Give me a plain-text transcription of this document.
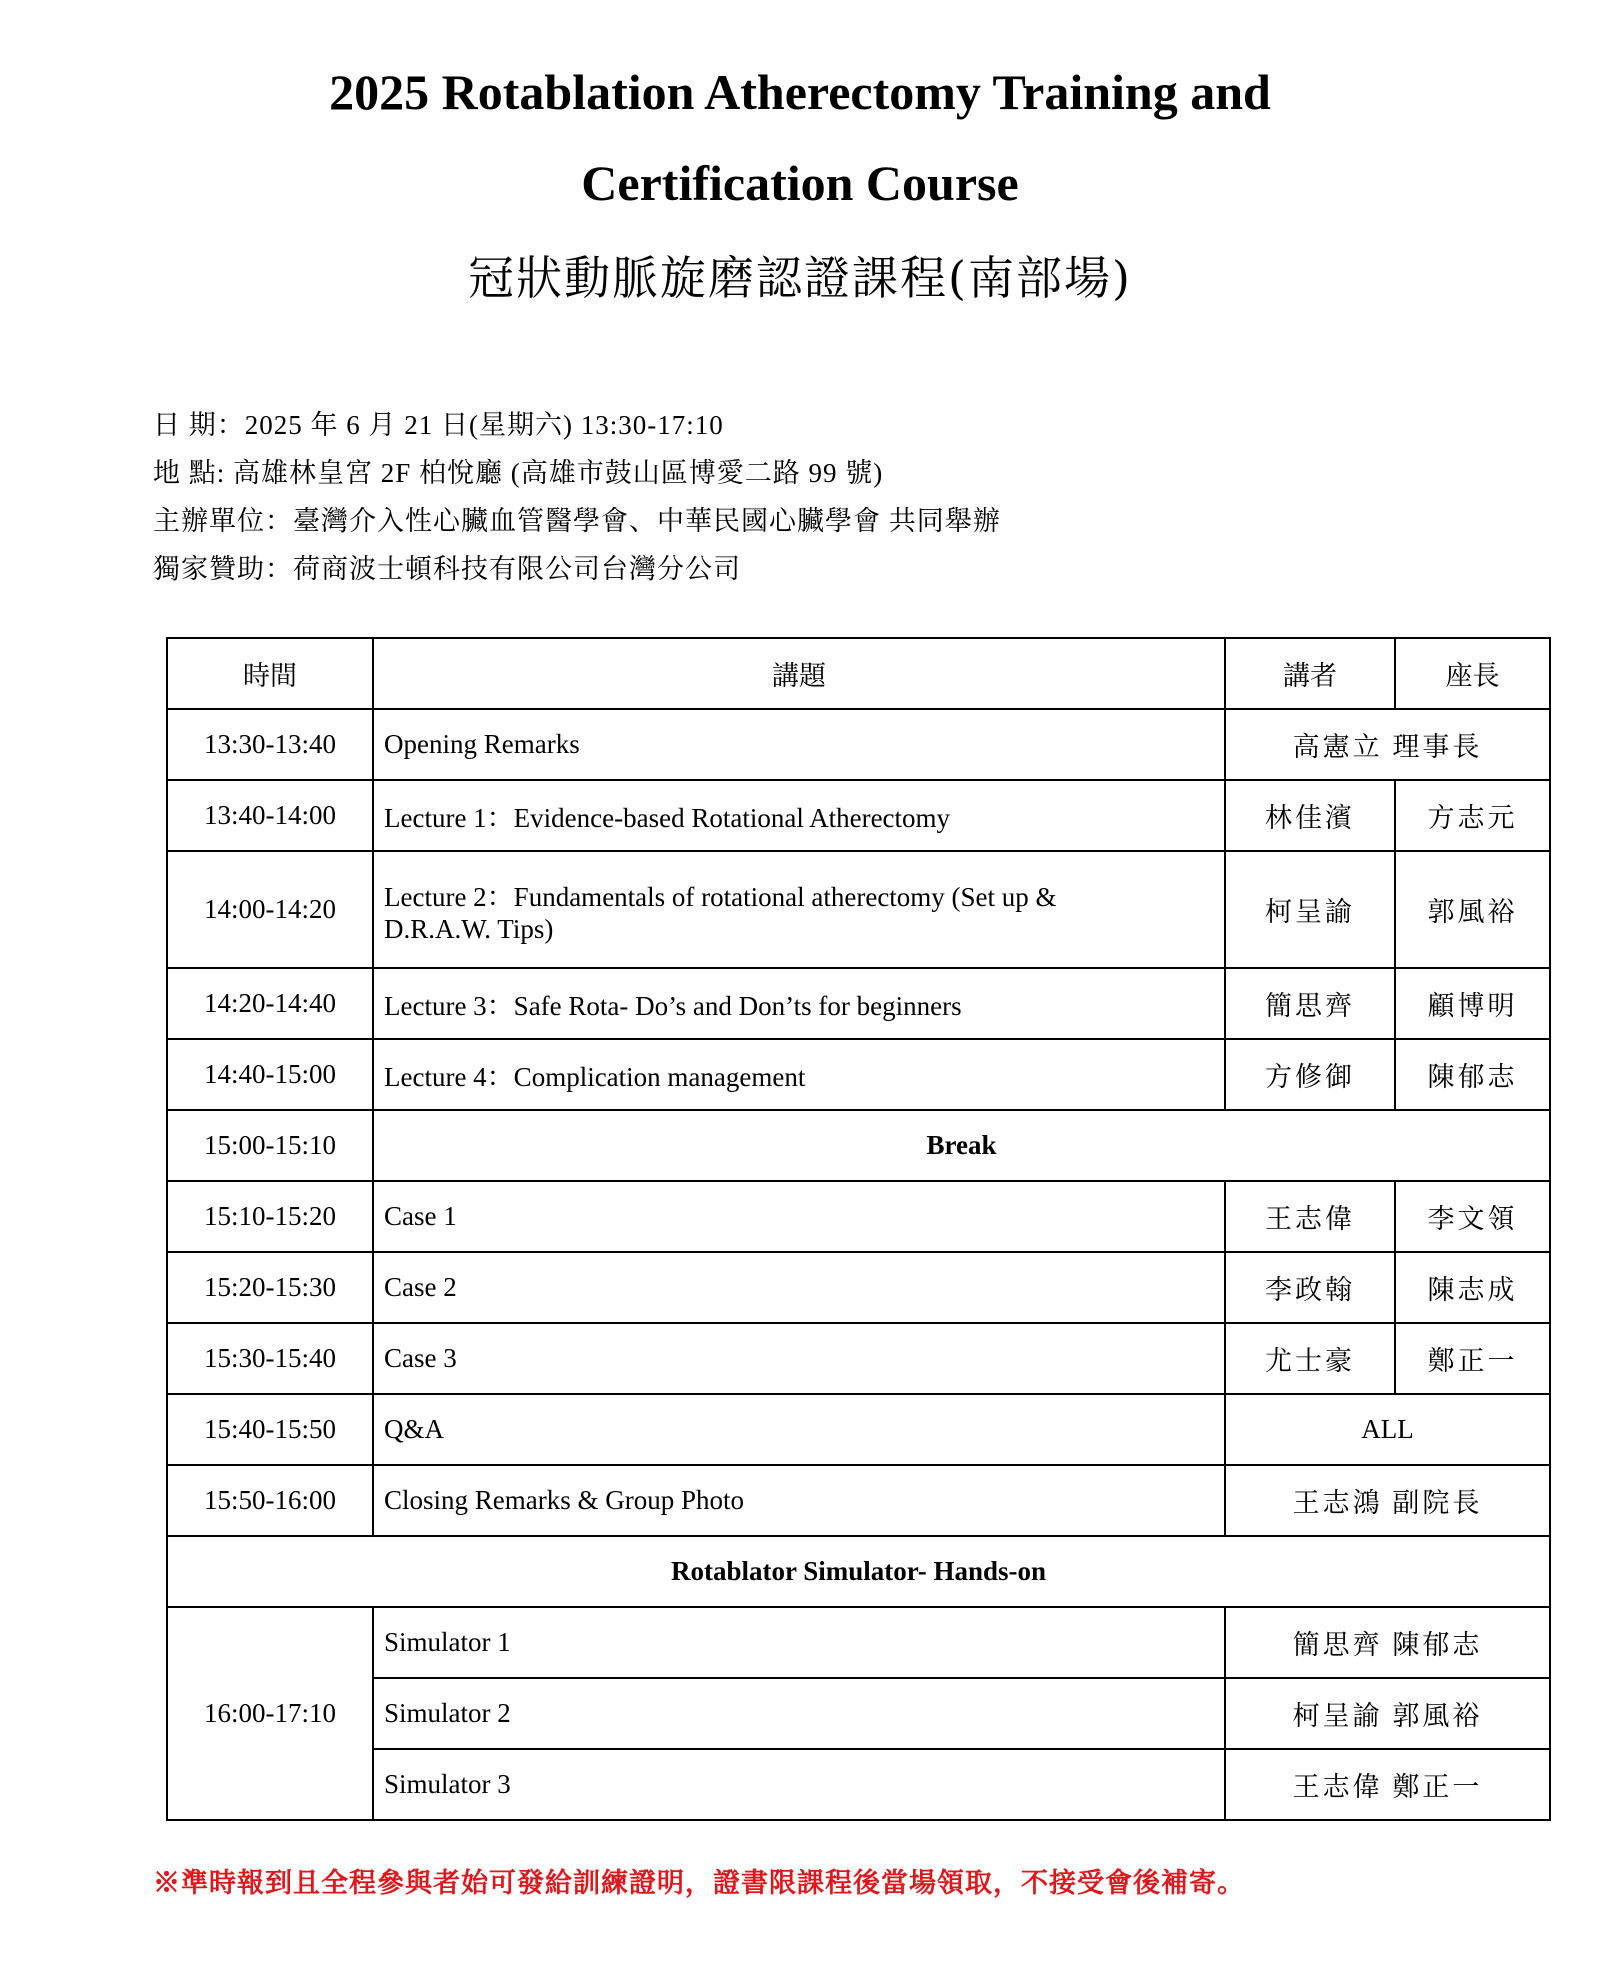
2025 Rotablation Atherectomy Training and
Certification Course
冠狀動脈旋磨認證課程(南部場)
日 期：2025 年 6 月 21 日(星期六) 13:30-17:10
地 點: 高雄林皇宮 2F 柏悅廳 (高雄市鼓山區博愛二路 99 號)
主辦單位：臺灣介入性心臟血管醫學會、中華民國心臟學會 共同舉辦
獨家贊助：荷商波士頓科技有限公司台灣分公司
時間	講題	講者	座長
13:30-13:40	Opening Remarks	高憲立 理事長	
13:40-14:00	Lecture 1：Evidence-based Rotational Atherectomy	林佳濱	方志元
14:00-14:20	Lecture 2：Fundamentals of rotational atherectomy (Set up &
D.R.A.W. Tips)	柯呈諭	郭風裕
14:20-14:40	Lecture 3：Safe Rota- Do’s and Don’ts for beginners	簡思齊	顧博明
14:40-15:00	Lecture 4：Complication management	方修御	陳郁志
15:00-15:10	Break		
15:10-15:20	Case 1	王志偉	李文領
15:20-15:30	Case 2	李政翰	陳志成
15:30-15:40	Case 3	尤士豪	鄭正一
15:40-15:50	Q&A	ALL	
15:50-16:00	Closing Remarks & Group Photo	王志鴻 副院長	
Rotablator Simulator- Hands-on			
16:00-17:10	Simulator 1	簡思齊 陳郁志	
	Simulator 2	柯呈諭 郭風裕	
	Simulator 3	王志偉 鄭正一	
※準時報到且全程參與者始可發給訓練證明，證書限課程後當場領取，不接受會後補寄。
